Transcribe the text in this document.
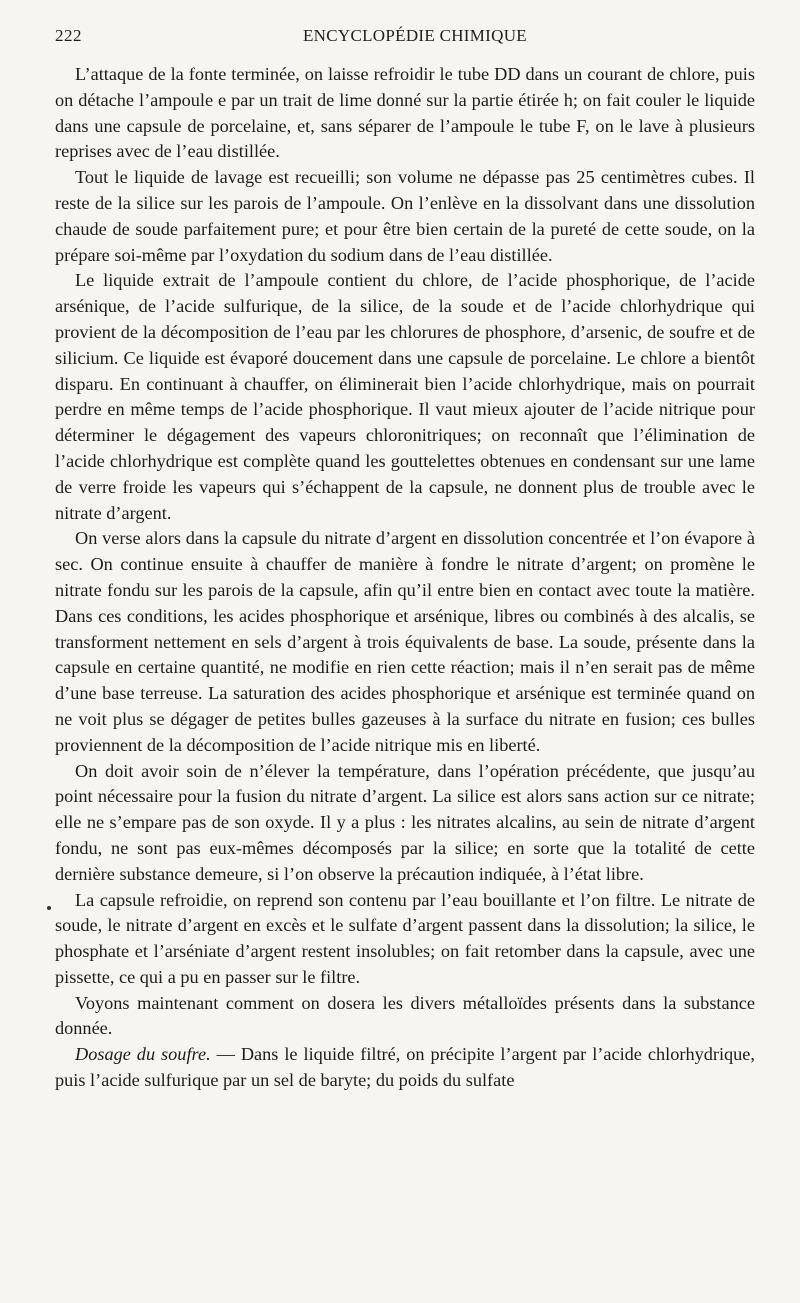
222	ENCYCLOPÉDIE CHIMIQUE

L’attaque de la fonte terminée, on laisse refroidir le tube DD dans un courant de chlore, puis on détache l’ampoule e par un trait de lime donné sur la partie étirée h; on fait couler le liquide dans une capsule de porcelaine, et, sans séparer de l’ampoule le tube F, on le lave à plusieurs reprises avec de l’eau distillée.

Tout le liquide de lavage est recueilli; son volume ne dépasse pas 25 centimètres cubes. Il reste de la silice sur les parois de l’ampoule. On l’enlève en la dissolvant dans une dissolution chaude de soude parfaitement pure; et pour être bien certain de la pureté de cette soude, on la prépare soi-même par l’oxydation du sodium dans de l’eau distillée.

Le liquide extrait de l’ampoule contient du chlore, de l’acide phosphorique, de l’acide arsénique, de l’acide sulfurique, de la silice, de la soude et de l’acide chlorhydrique qui provient de la décomposition de l’eau par les chlorures de phosphore, d’arsenic, de soufre et de silicium. Ce liquide est évaporé doucement dans une capsule de porcelaine. Le chlore a bientôt disparu. En continuant à chauffer, on éliminerait bien l’acide chlorhydrique, mais on pourrait perdre en même temps de l’acide phosphorique. Il vaut mieux ajouter de l’acide nitrique pour déterminer le dégagement des vapeurs chloronitriques; on reconnaît que l’élimination de l’acide chlorhydrique est complète quand les gouttelettes obtenues en condensant sur une lame de verre froide les vapeurs qui s’échappent de la capsule, ne donnent plus de trouble avec le nitrate d’argent.

On verse alors dans la capsule du nitrate d’argent en dissolution concentrée et l’on évapore à sec. On continue ensuite à chauffer de manière à fondre le nitrate d’argent; on promène le nitrate fondu sur les parois de la capsule, afin qu’il entre bien en contact avec toute la matière. Dans ces conditions, les acides phosphorique et arsénique, libres ou combinés à des alcalis, se transforment nettement en sels d’argent à trois équivalents de base. La soude, présente dans la capsule en certaine quantité, ne modifie en rien cette réaction; mais il n’en serait pas de même d’une base terreuse. La saturation des acides phosphorique et arsénique est terminée quand on ne voit plus se dégager de petites bulles gazeuses à la surface du nitrate en fusion; ces bulles proviennent de la décomposition de l’acide nitrique mis en liberté.

On doit avoir soin de n’élever la température, dans l’opération précédente, que jusqu’au point nécessaire pour la fusion du nitrate d’argent. La silice est alors sans action sur ce nitrate; elle ne s’empare pas de son oxyde. Il y a plus : les nitrates alcalins, au sein de nitrate d’argent fondu, ne sont pas eux-mêmes décomposés par la silice; en sorte que la totalité de cette dernière substance demeure, si l’on observe la précaution indiquée, à l’état libre.

La capsule refroidie, on reprend son contenu par l’eau bouillante et l’on filtre. Le nitrate de soude, le nitrate d’argent en excès et le sulfate d’argent passent dans la dissolution; la silice, le phosphate et l’arséniate d’argent restent insolubles; on fait retomber dans la capsule, avec une pissette, ce qui a pu en passer sur le filtre.

Voyons maintenant comment on dosera les divers métalloïdes présents dans la substance donnée.

Dosage du soufre. — Dans le liquide filtré, on précipite l’argent par l’acide chlorhydrique, puis l’acide sulfurique par un sel de baryte; du poids du sulfate
